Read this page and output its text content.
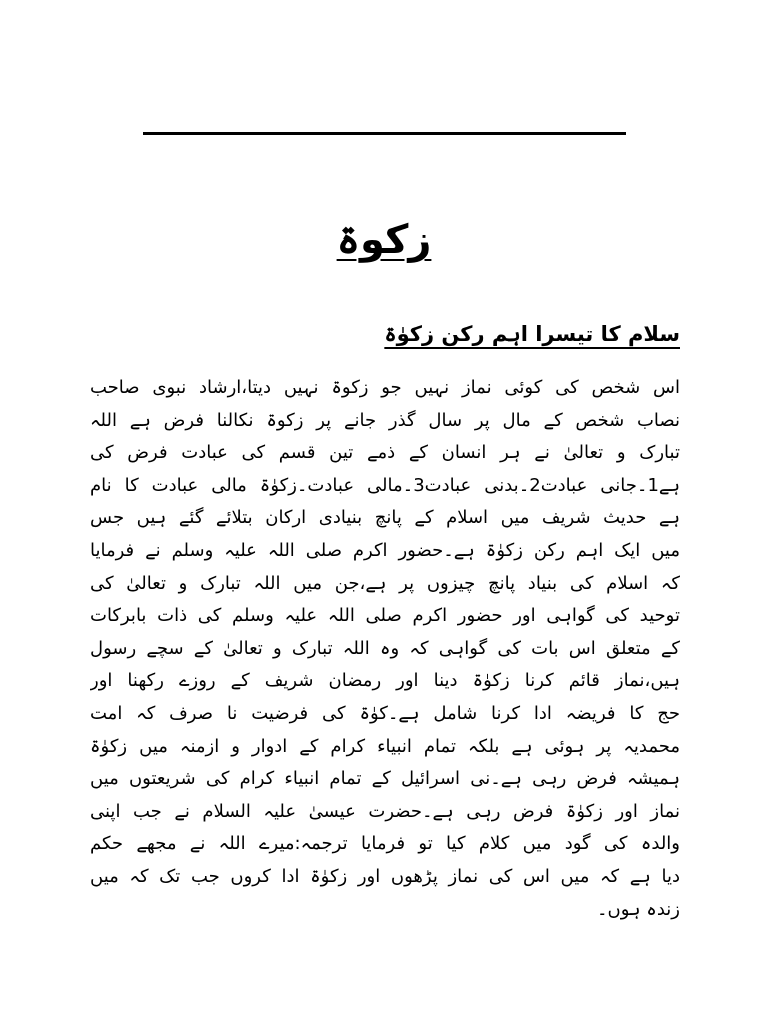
زکوۃ
سلام کا تیسرا اہم رکن زکوٰۃ
اس شخص کی کوئی نماز نہیں جو زکوۃ نہیں دیتا،ارشاد نبوی صاحب
نصاب شخص کے مال پر سال گذر جانے پر زکوۃ نکالنا فرض ہے اللہ
تبارک و تعالیٰ نے ہر انسان کے ذمے تین قسم کی عبادت فرض کی
ہے1۔جانی عبادت2۔بدنی عبادت3۔مالی عبادت۔زکوٰۃ مالی عبادت کا نام
ہے حدیث شریف میں اسلام کے پانچ بنیادی ارکان بتلائے گئے ہیں جس
میں ایک اہم رکن زکوٰۃ ہے۔حضور اکرم صلی اللہ علیہ وسلم نے فرمایا
کہ اسلام کی بنیاد پانچ چیزوں پر ہے،جن میں اللہ تبارک و تعالیٰ کی
توحید کی گواہی اور حضور اکرم صلی اللہ علیہ وسلم کی ذات بابرکات
کے متعلق اس بات کی گواہی کہ وہ اللہ تبارک و تعالیٰ کے سچے رسول
ہیں،نماز قائم کرنا زکوٰۃ دینا اور رمضان شریف کے روزے رکھنا اور
حج کا فریضہ ادا کرنا شامل ہے۔کوٰۃ کی فرضیت نا صرف کہ امت
محمدیہ پر ہوئی ہے بلکہ تمام انبیاء کرام کے ادوار و ازمنہ میں زکوٰۃ
ہمیشہ فرض رہی ہے۔نی اسرائیل کے تمام انبیاء کرام کی شریعتوں میں
نماز اور زکوٰۃ فرض رہی ہے۔حضرت عیسیٰ علیہ السلام نے جب اپنی
والدہ کی گود میں کلام کیا تو فرمایا ترجمہ:میرے اللہ نے مجھے حکم
دیا ہے کہ میں اس کی نماز پڑھوں اور زکوٰۃ ادا کروں جب تک کہ میں
زندہ ہوں۔
